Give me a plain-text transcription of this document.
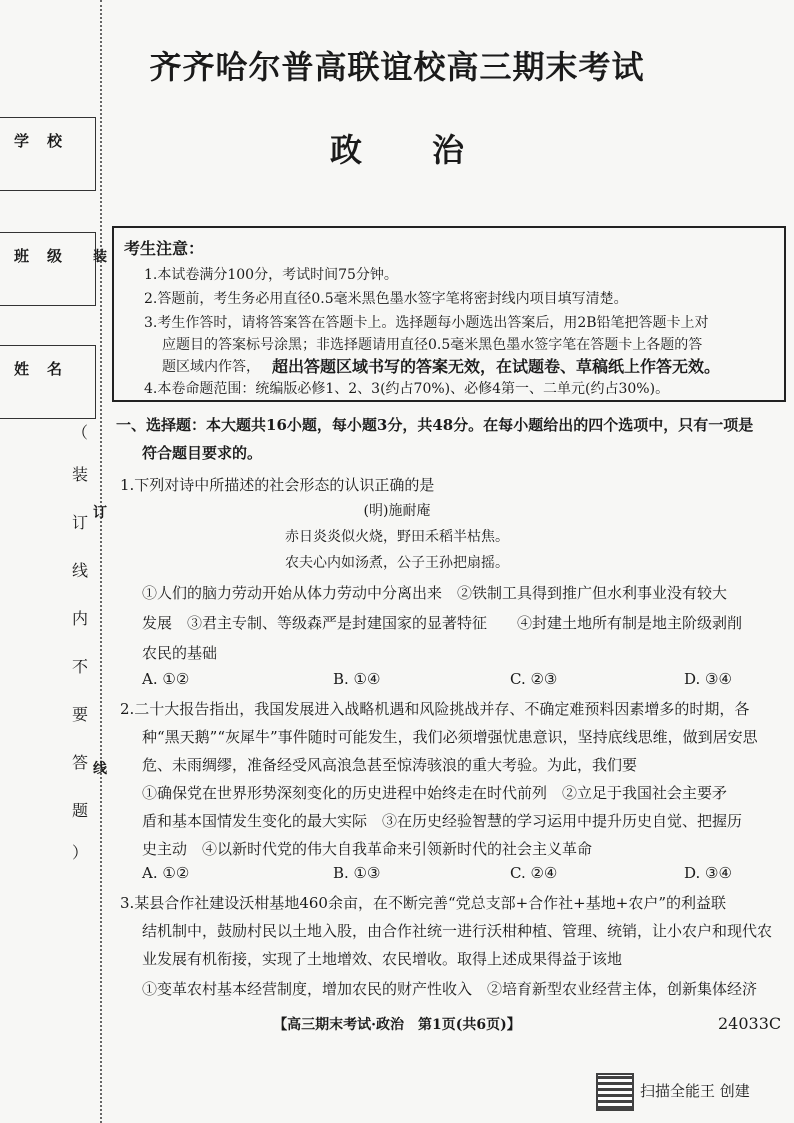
学校
班级
姓名
（
装
订
线
内
不
要
答
题
）
装
订
线
齐齐哈尔普高联谊校高三期末考试
政治
考生注意：
1.本试卷满分100分，考试时间75分钟。
2.答题前，考生务必用直径0.5毫米黑色墨水签字笔将密封线内项目填写清楚。
3.考生作答时，请将答案答在答题卡上。选择题每小题选出答案后，用2B铅笔把答题卡上对
应题目的答案标号涂黑；非选择题请用直径0.5毫米黑色墨水签字笔在答题卡上各题的答
题区域内作答， 超出答题区域书写的答案无效，在试题卷、草稿纸上作答无效。
4.本卷命题范围：统编版必修1、2、3(约占70%)、必修4第一、二单元(约占30%)。
一、选择题：本大题共16小题，每小题3分，共48分。在每小题给出的四个选项中，只有一项是
符合题目要求的。
1.下列对诗中所描述的社会形态的认识正确的是
(明)施耐庵
赤日炎炎似火烧，野田禾稻半枯焦。
农夫心内如汤煮，公子王孙把扇摇。
①人们的脑力劳动开始从体力劳动中分离出来　②铁制工具得到推广但水利事业没有较大
发展　③君主专制、等级森严是封建国家的显著特征　　④封建土地所有制是地主阶级剥削
农民的基础
A. ①②	B. ①④	C. ②③	D. ③④
2.二十大报告指出，我国发展进入战略机遇和风险挑战并存、不确定难预料因素增多的时期，各
种“黑天鹅”“灰犀牛”事件随时可能发生，我们必须增强忧患意识，坚持底线思维，做到居安思
危、未雨绸缪，准备经受风高浪急甚至惊涛骇浪的重大考验。为此，我们要
①确保党在世界形势深刻变化的历史进程中始终走在时代前列　②立足于我国社会主要矛
盾和基本国情发生变化的最大实际　③在历史经验智慧的学习运用中提升历史自觉、把握历
史主动　④以新时代党的伟大自我革命来引领新时代的社会主义革命
A. ①②	B. ①③	C. ②④	D. ③④
3.某县合作社建设沃柑基地460余亩，在不断完善“党总支部+合作社+基地+农户”的利益联
结机制中，鼓励村民以土地入股，由合作社统一进行沃柑种植、管理、统销，让小农户和现代农
业发展有机衔接，实现了土地增效、农民增收。取得上述成果得益于该地
①变革农村基本经营制度，增加农民的财产性收入　②培育新型农业经营主体，创新集体经济
【高三期末考试·政治　第1页(共6页)】	24033C
扫描全能王 创建
